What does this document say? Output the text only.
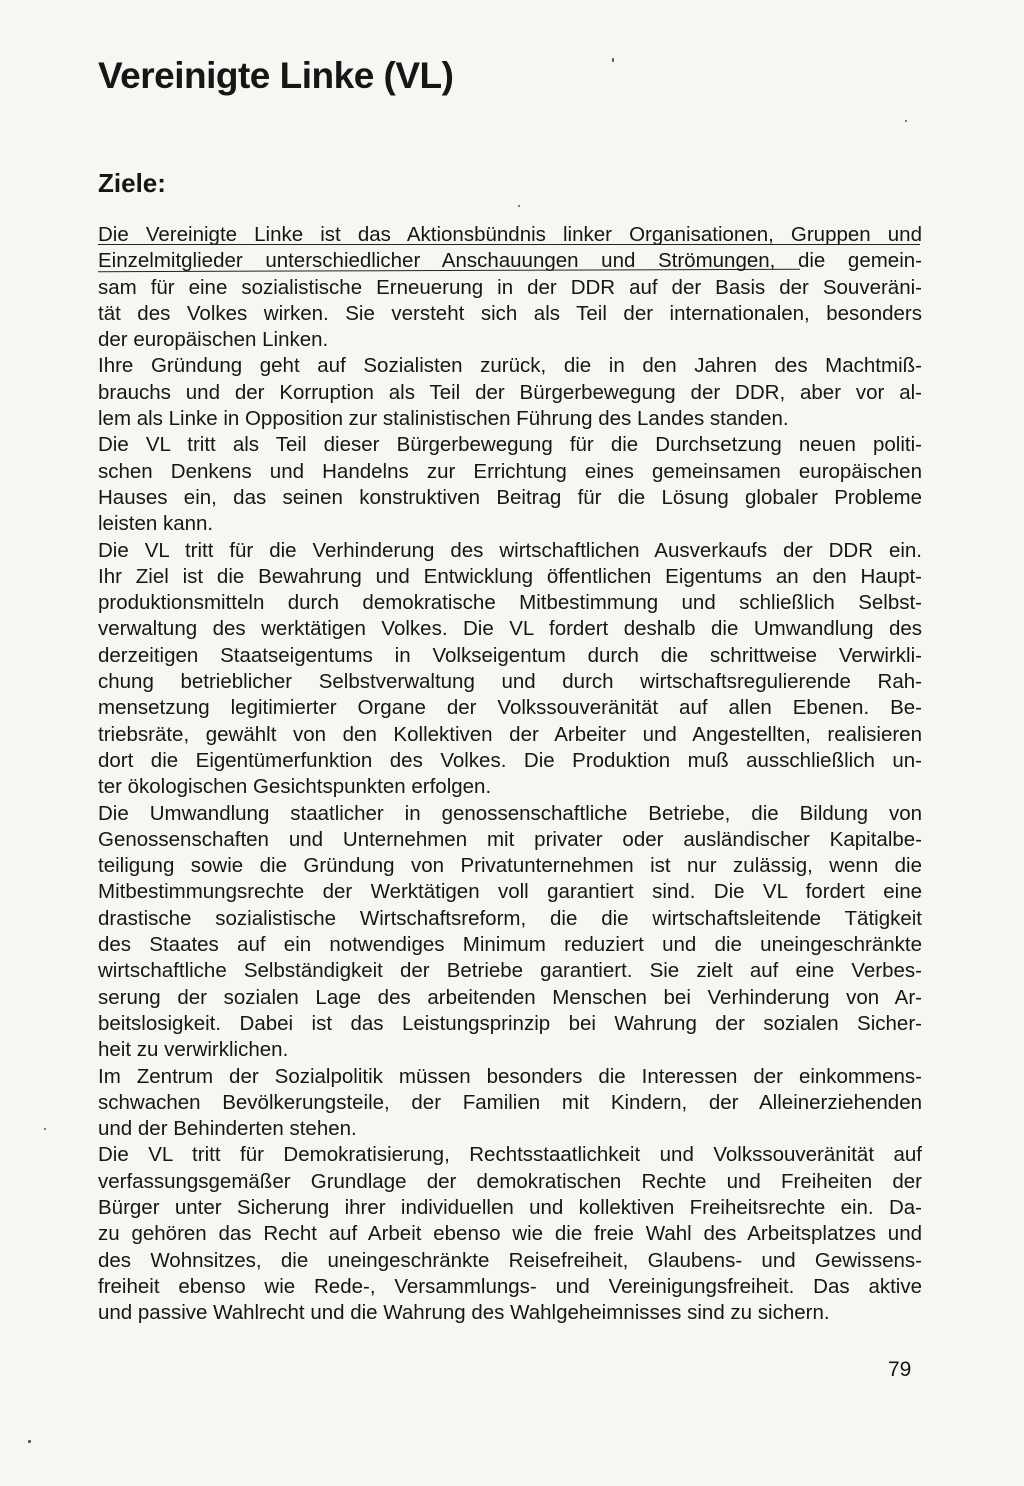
Vereinigte Linke (VL)
Ziele:
Die Vereinigte Linke ist das Aktionsbündnis linker Organisationen, Gruppen und
Einzelmitglieder unterschiedlicher Anschauungen und Strömungen, die gemein-
sam für eine sozialistische Erneuerung in der DDR auf der Basis der Souveräni-
tät des Volkes wirken. Sie versteht sich als Teil der internationalen, besonders
der europäischen Linken.
Ihre Gründung geht auf Sozialisten zurück, die in den Jahren des Machtmiß-
brauchs und der Korruption als Teil der Bürgerbewegung der DDR, aber vor al-
lem als Linke in Opposition zur stalinistischen Führung des Landes standen.
Die VL tritt als Teil dieser Bürgerbewegung für die Durchsetzung neuen politi-
schen Denkens und Handelns zur Errichtung eines gemeinsamen europäischen
Hauses ein, das seinen konstruktiven Beitrag für die Lösung globaler Probleme
leisten kann.
Die VL tritt für die Verhinderung des wirtschaftlichen Ausverkaufs der DDR ein.
Ihr Ziel ist die Bewahrung und Entwicklung öffentlichen Eigentums an den Haupt-
produktionsmitteln durch demokratische Mitbestimmung und schließlich Selbst-
verwaltung des werktätigen Volkes. Die VL fordert deshalb die Umwandlung des
derzeitigen Staatseigentums in Volkseigentum durch die schrittweise Verwirkli-
chung betrieblicher Selbstverwaltung und durch wirtschaftsregulierende Rah-
mensetzung legitimierter Organe der Volkssouveränität auf allen Ebenen. Be-
triebsräte, gewählt von den Kollektiven der Arbeiter und Angestellten, realisieren
dort die Eigentümerfunktion des Volkes. Die Produktion muß ausschließlich un-
ter ökologischen Gesichtspunkten erfolgen.
Die Umwandlung staatlicher in genossenschaftliche Betriebe, die Bildung von
Genossenschaften und Unternehmen mit privater oder ausländischer Kapitalbe-
teiligung sowie die Gründung von Privatunternehmen ist nur zulässig, wenn die
Mitbestimmungsrechte der Werktätigen voll garantiert sind. Die VL fordert eine
drastische sozialistische Wirtschaftsreform, die die wirtschaftsleitende Tätigkeit
des Staates auf ein notwendiges Minimum reduziert und die uneingeschränkte
wirtschaftliche Selbständigkeit der Betriebe garantiert. Sie zielt auf eine Verbes-
serung der sozialen Lage des arbeitenden Menschen bei Verhinderung von Ar-
beitslosigkeit. Dabei ist das Leistungsprinzip bei Wahrung der sozialen Sicher-
heit zu verwirklichen.
Im Zentrum der Sozialpolitik müssen besonders die Interessen der einkommens-
schwachen Bevölkerungsteile, der Familien mit Kindern, der Alleinerziehenden
und der Behinderten stehen.
Die VL tritt für Demokratisierung, Rechtsstaatlichkeit und Volkssouveränität auf
verfassungsgemäßer Grundlage der demokratischen Rechte und Freiheiten der
Bürger unter Sicherung ihrer individuellen und kollektiven Freiheitsrechte ein. Da-
zu gehören das Recht auf Arbeit ebenso wie die freie Wahl des Arbeitsplatzes und
des Wohnsitzes, die uneingeschränkte Reisefreiheit, Glaubens- und Gewissens-
freiheit ebenso wie Rede-, Versammlungs- und Vereinigungsfreiheit. Das aktive
und passive Wahlrecht und die Wahrung des Wahlgeheimnisses sind zu sichern.
79
